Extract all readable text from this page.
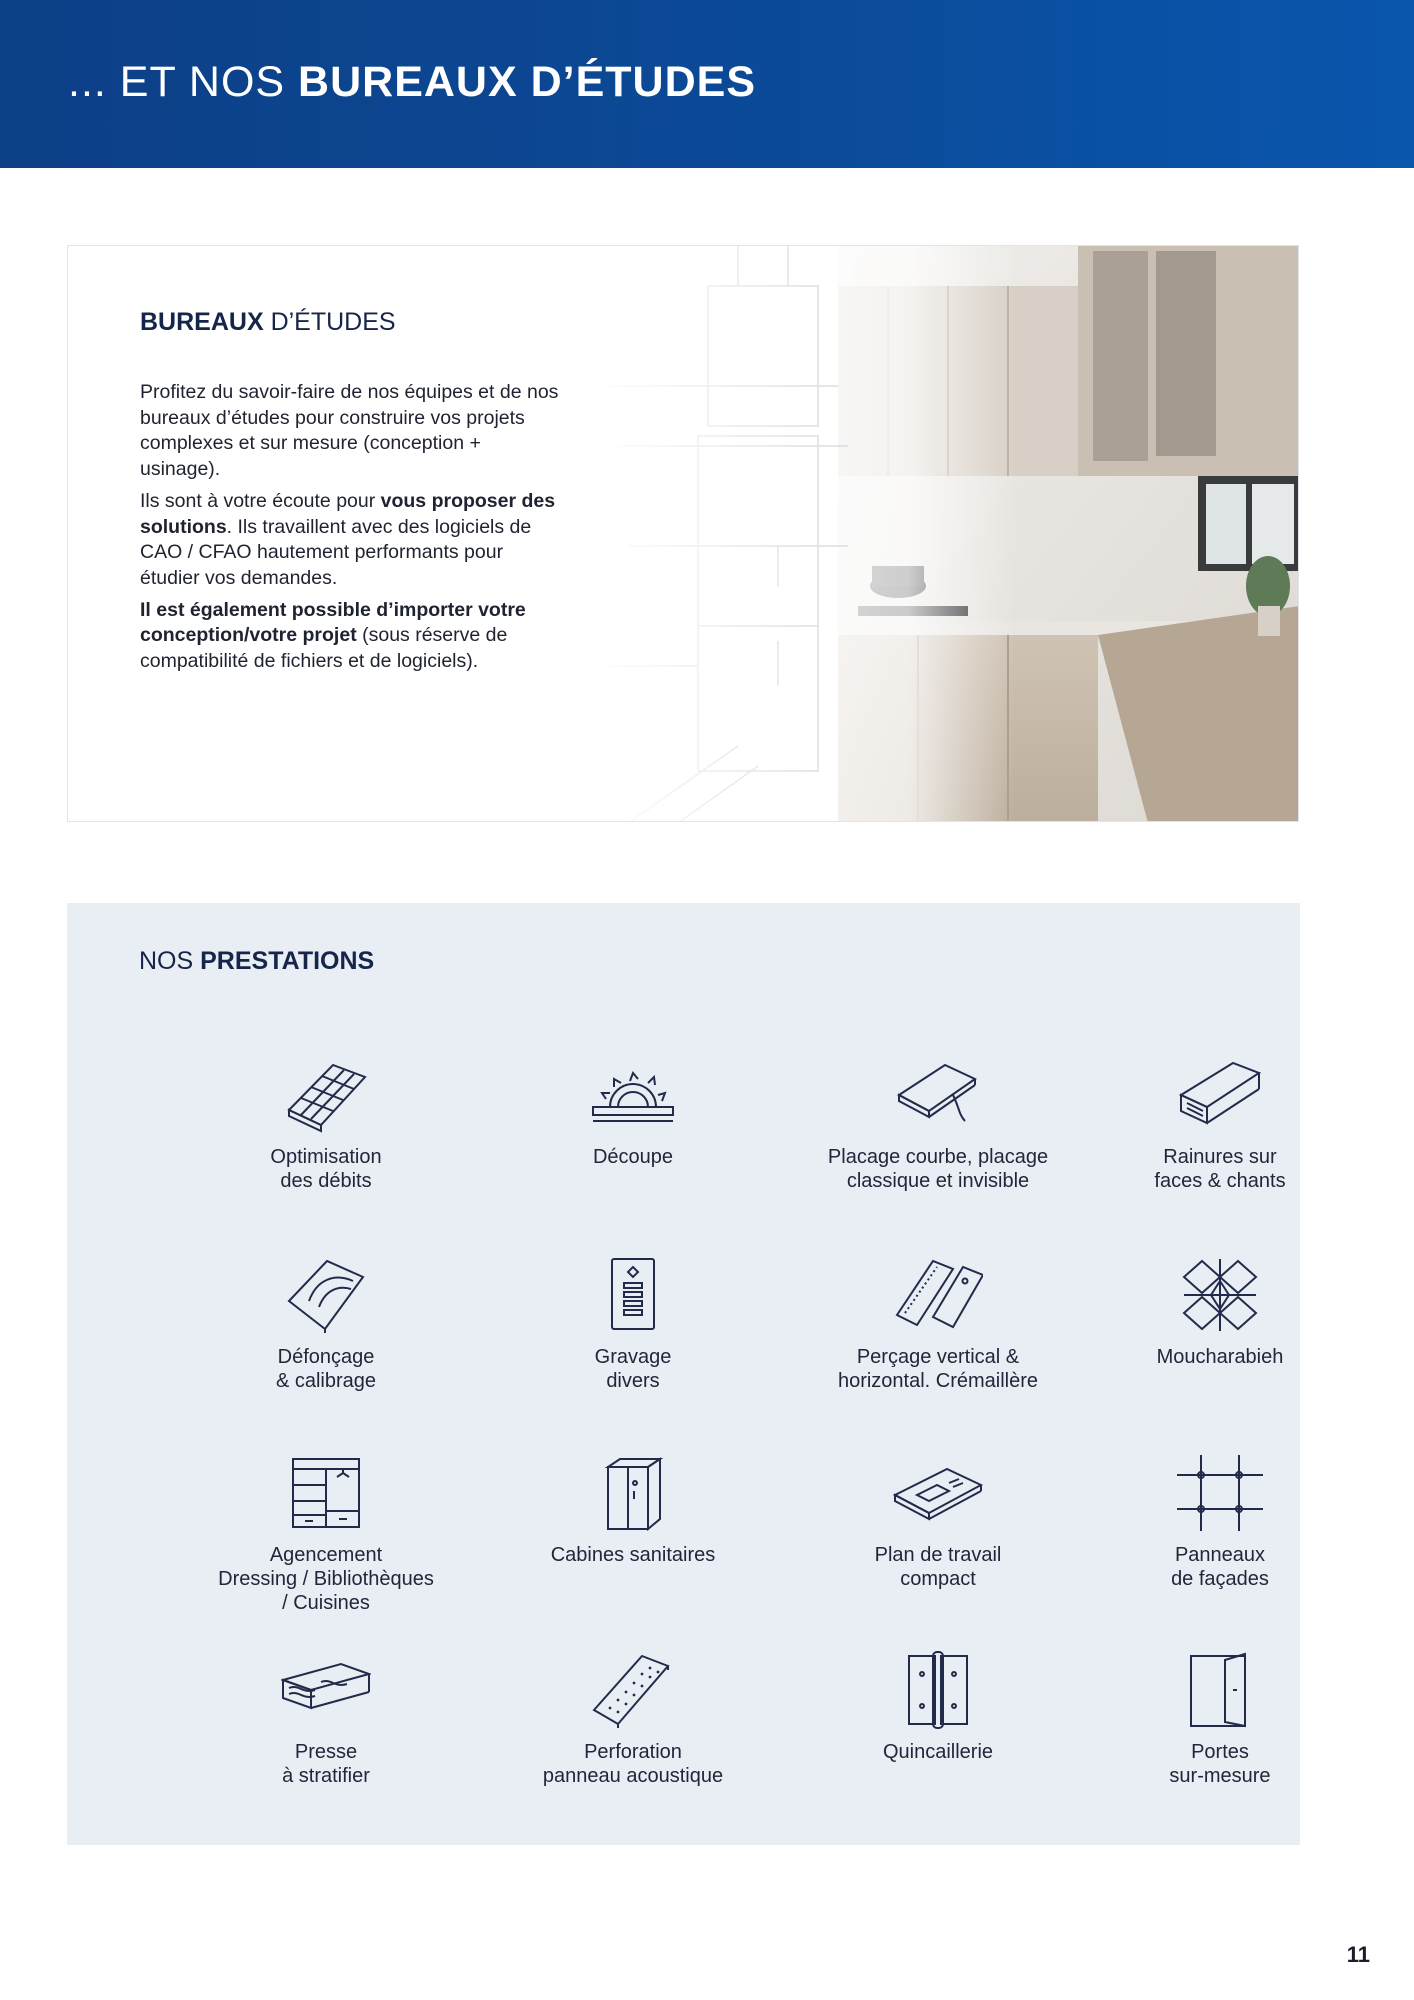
... ET NOS BUREAUX D’ÉTUDES
BUREAUX D’ÉTUDES

Profitez du savoir-faire de nos équipes et de nos bureaux d’études pour construire vos projets complexes et sur mesure (conception + usinage).

Ils sont à votre écoute pour vous proposer des solutions. Ils travaillent avec des logiciels de CAO / CFAO hautement performants pour étudier vos demandes.

Il est également possible d’importer votre conception/votre projet (sous réserve de compatibilité de fichiers et de logiciels).

NOS PRESTATIONS
Optimisation
des débits
Découpe	Placage courbe, placage
classique et invisible
Rainures sur
faces & chants
Défonçage
& calibrage
Gravage
divers
Perçage vertical &
horizontal. Crémaillère
Moucharabieh
Agencement
Dressing / Bibliothèques
/ Cuisines
Cabines sanitaires	Plan de travail
compact
Panneaux
de façades
Presse
à stratifier
Perforation
panneau acoustique
Quincaillerie	Portes
sur-mesure
11
